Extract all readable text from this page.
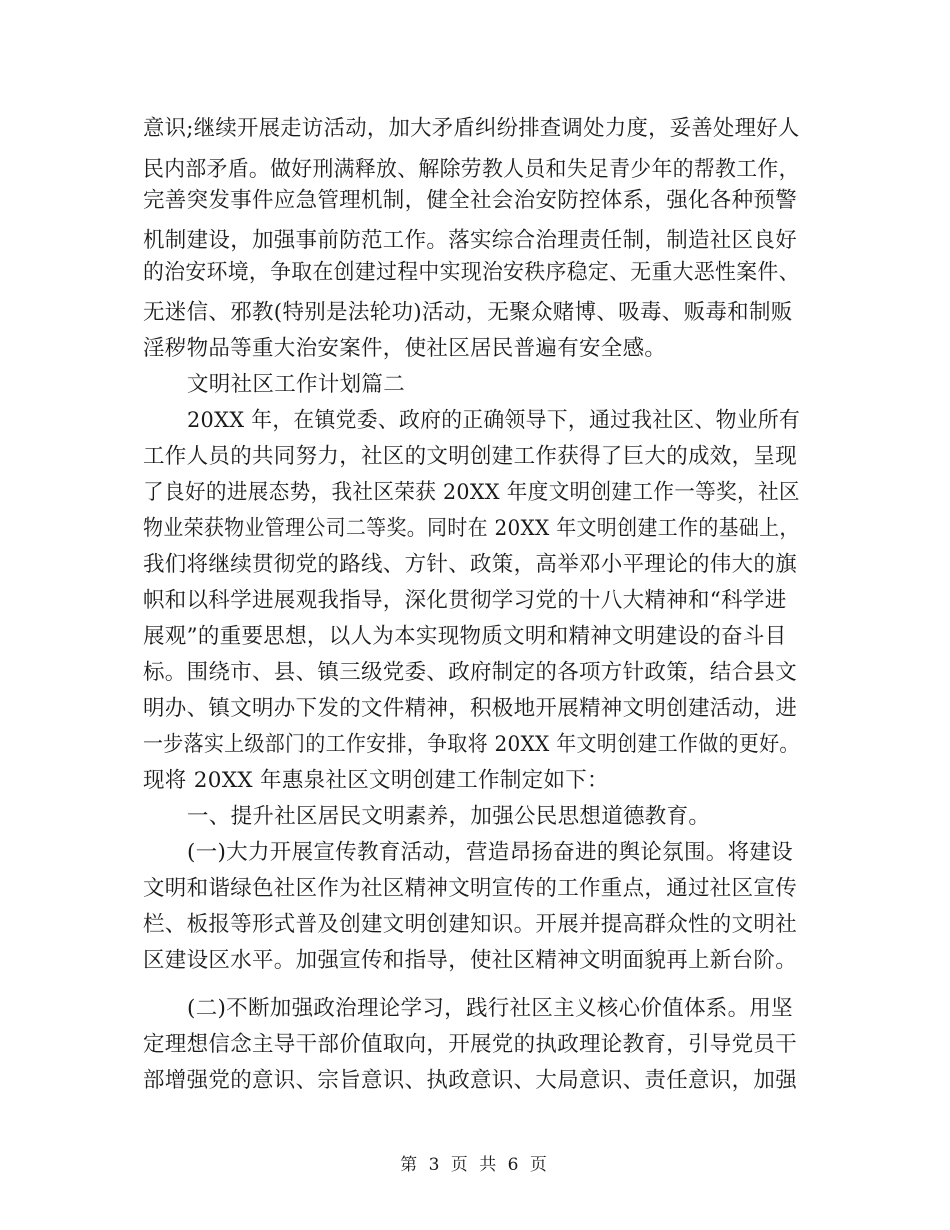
意识;继续开展走访活动，加大矛盾纠纷排查调处力度，妥善处理好人
民内部矛盾。做好刑满释放、解除劳教人员和失足青少年的帮教工作，
完善突发事件应急管理机制，健全社会治安防控体系，强化各种预警
机制建设，加强事前防范工作。落实综合治理责任制，制造社区良好
的治安环境，争取在创建过程中实现治安秩序稳定、无重大恶性案件、
无迷信、邪教(特别是法轮功)活动，无聚众赌博、吸毒、贩毒和制贩
淫秽物品等重大治安案件，使社区居民普遍有安全感。
文明社区工作计划篇二
20XX 年，在镇党委、政府的正确领导下，通过我社区、物业所有
工作人员的共同努力，社区的文明创建工作获得了巨大的成效，呈现
了良好的进展态势，我社区荣获 20XX 年度文明创建工作一等奖，社区
物业荣获物业管理公司二等奖。同时在 20XX 年文明创建工作的基础上，
我们将继续贯彻党的路线、方针、政策，高举邓小平理论的伟大的旗
帜和以科学进展观我指导，深化贯彻学习党的十八大精神和“科学进
展观”的重要思想，以人为本实现物质文明和精神文明建设的奋斗目
标。围绕市、县、镇三级党委、政府制定的各项方针政策，结合县文
明办、镇文明办下发的文件精神，积极地开展精神文明创建活动，进
一步落实上级部门的工作安排，争取将 20XX 年文明创建工作做的更好。
现将 20XX 年惠泉社区文明创建工作制定如下：
一、提升社区居民文明素养，加强公民思想道德教育。
(一)大力开展宣传教育活动，营造昂扬奋进的舆论氛围。将建设
文明和谐绿色社区作为社区精神文明宣传的工作重点，通过社区宣传
栏、板报等形式普及创建文明创建知识。开展并提高群众性的文明社
区建设区水平。加强宣传和指导，使社区精神文明面貌再上新台阶。
(二)不断加强政治理论学习，践行社区主义核心价值体系。用坚
定理想信念主导干部价值取向，开展党的执政理论教育，引导党员干
部增强党的意识、宗旨意识、执政意识、大局意识、责任意识，加强
第 3 页 共 6 页
